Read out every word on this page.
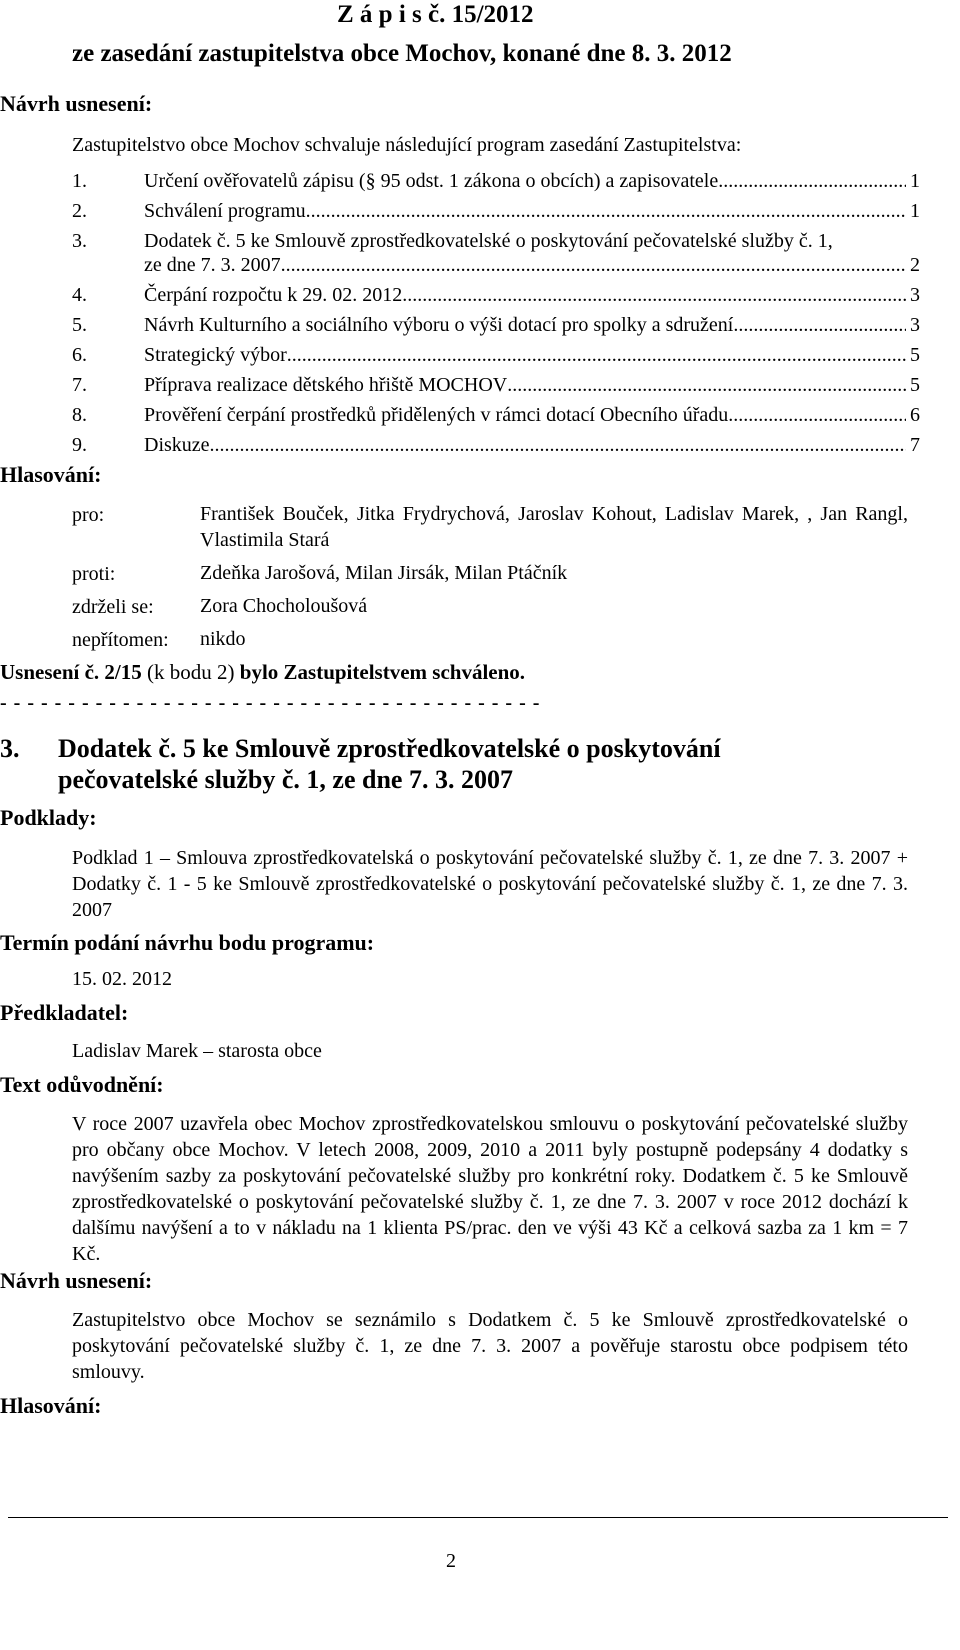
Z á p i s č. 15/2012
ze zasedání zastupitelstva obce Mochov, konané dne 8. 3. 2012
Návrh usnesení:
Zastupitelstvo obce Mochov schvaluje následující program zasedání Zastupitelstva:
1.	Určení ověřovatelů zápisu (§ 95 odst. 1 zákona o obcích) a zapisovatele .....	1
2.	Schválení programu .....	1
3.	Dodatek č. 5 ke Smlouvě zprostředkovatelské o poskytování pečovatelské služby č. 1,
ze dne 7. 3. 2007 .....	2
4.	Čerpání rozpočtu k 29. 02. 2012 .....	3
5.	Návrh Kulturního a sociálního výboru o výši dotací pro spolky a sdružení .....	3
6.	Strategický výbor .....	5
7.	Příprava realizace dětského hřiště MOCHOV .....	5
8.	Prověření čerpání prostředků přidělených v rámci dotací Obecního úřadu .....	6
9.	Diskuze .....	7
Hlasování:
pro:	František Bouček, Jitka Frydrychová, Jaroslav Kohout, Ladislav Marek, , Jan Rangl, Vlastimila Stará
proti:	Zdeňka Jarošová, Milan Jirsák, Milan Ptáčník
zdrželi se: Zora Chocholoušová
nepřítomen: nikdo
Usnesení č. 2/15 (k bodu 2) bylo Zastupitelstvem schváleno.
- - - - - - - - - - - - - - - - - - - - - - - - - - - - - - - - - - - - - - - -
3. Dodatek č. 5 ke Smlouvě zprostředkovatelské o poskytování
pečovatelské služby č. 1, ze dne 7. 3. 2007
Podklady:
Podklad 1 – Smlouva zprostředkovatelská o poskytování pečovatelské služby č. 1, ze dne 7. 3. 2007 + Dodatky č. 1 - 5 ke Smlouvě zprostředkovatelské o poskytování pečovatelské služby č. 1, ze dne 7. 3. 2007
Termín podání návrhu bodu programu:
15. 02. 2012
Předkladatel:
Ladislav Marek – starosta obce
Text odůvodnění:
V roce 2007 uzavřela obec Mochov zprostředkovatelskou smlouvu o poskytování pečovatelské služby pro občany obce Mochov. V letech 2008, 2009, 2010 a 2011 byly postupně podepsány 4 dodatky s navýšením sazby za poskytování pečovatelské služby pro konkrétní roky. Dodatkem č. 5 ke Smlouvě zprostředkovatelské o poskytování pečovatelské služby č. 1, ze dne 7. 3. 2007 v roce 2012 dochází k dalšímu navýšení a to v nákladu na 1 klienta PS/prac. den ve výši 43 Kč a celková sazba za 1 km = 7 Kč.
Návrh usnesení:
Zastupitelstvo obce Mochov se seznámilo s Dodatkem č. 5 ke Smlouvě zprostředkovatelské o poskytování pečovatelské služby č. 1, ze dne 7. 3. 2007 a pověřuje starostu obce podpisem této smlouvy.
Hlasování:
2
